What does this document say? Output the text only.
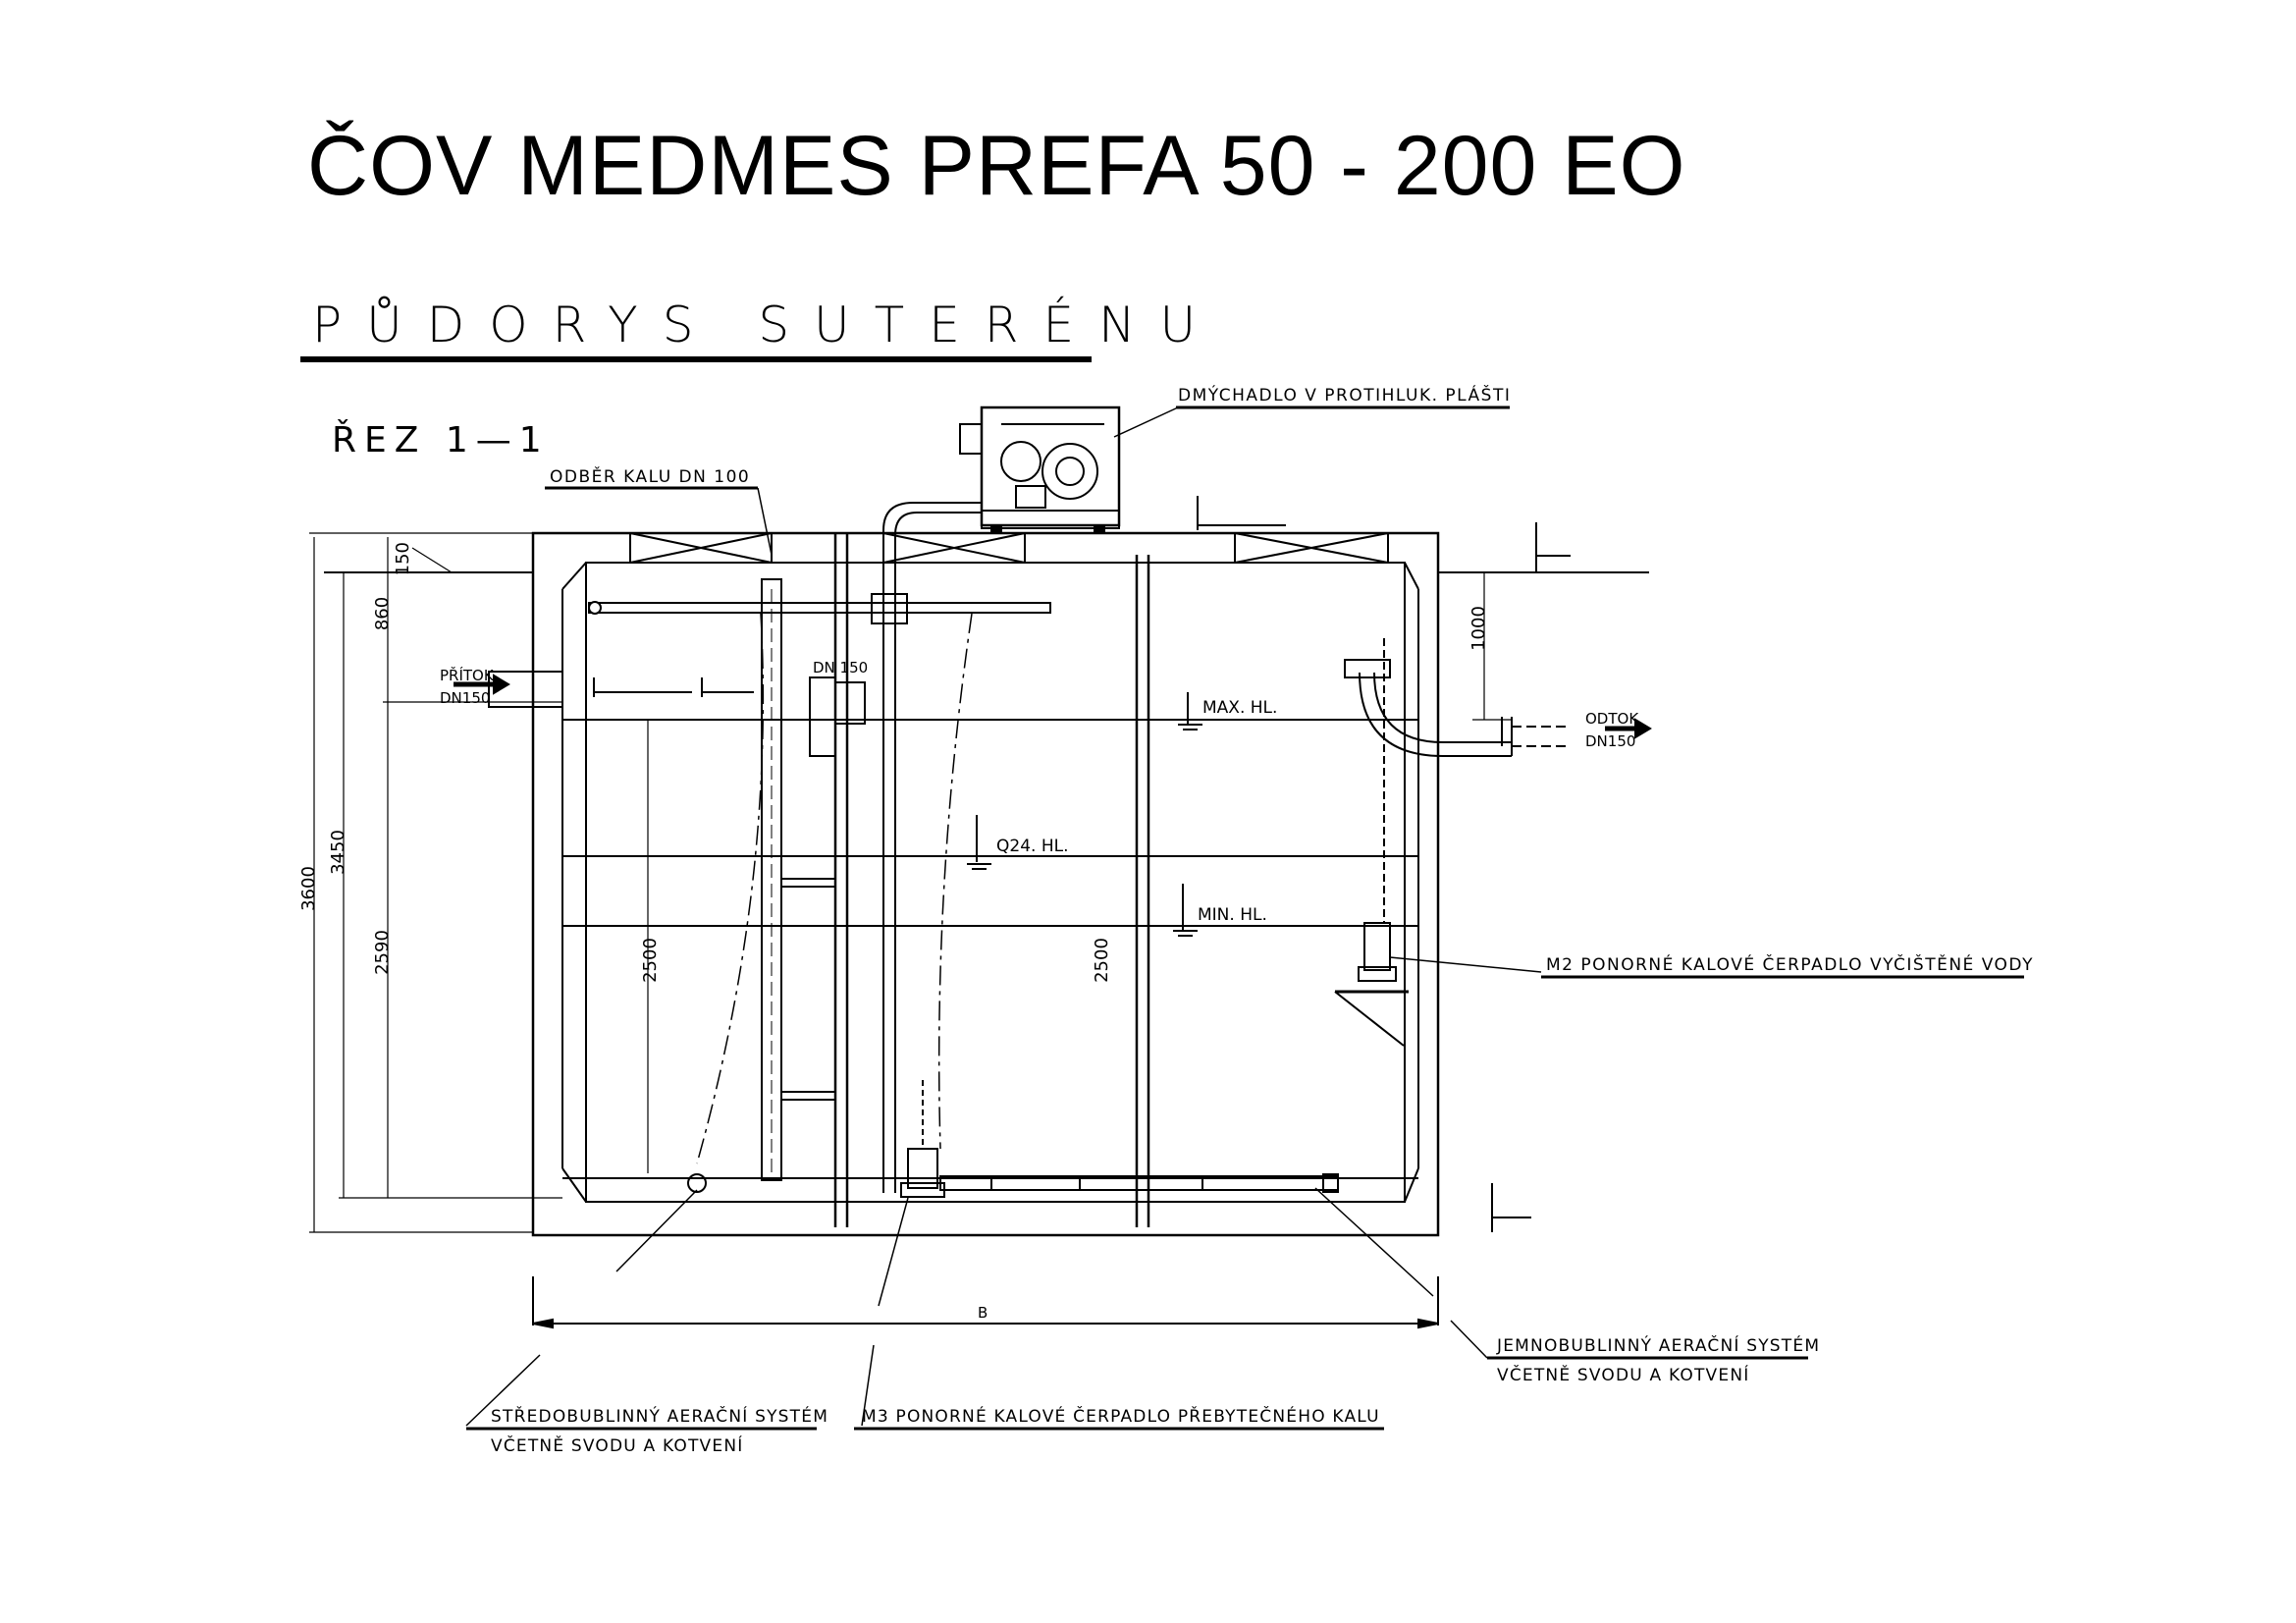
ČOV MEDMES PREFA 50 - 200 EO
PŮDORYS SUTERÉNU
ŘEZ 1—1
DMÝCHADLO V PROTIHLUK. PLÁŠTI
ODBĚR KALU DN 100
PŘÍTOK
DN150
DN 150
ODTOK
DN150
MAX. HL.
Q24. HL.
MIN. HL.
M2 PONORNÉ KALOVÉ ČERPADLO VYČIŠTĚNÉ VODY
B
STŘEDOBUBLINNÝ AERAČNÍ SYSTÉM
VČETNĚ SVODU A KOTVENÍ
M3 PONORNÉ KALOVÉ ČERPADLO PŘEBYTEČNÉHO KALU
JEMNOBUBLINNÝ AERAČNÍ SYSTÉM
VČETNĚ SVODU A KOTVENÍ
150
860
3600
3450
2590
1000
2500	2500
